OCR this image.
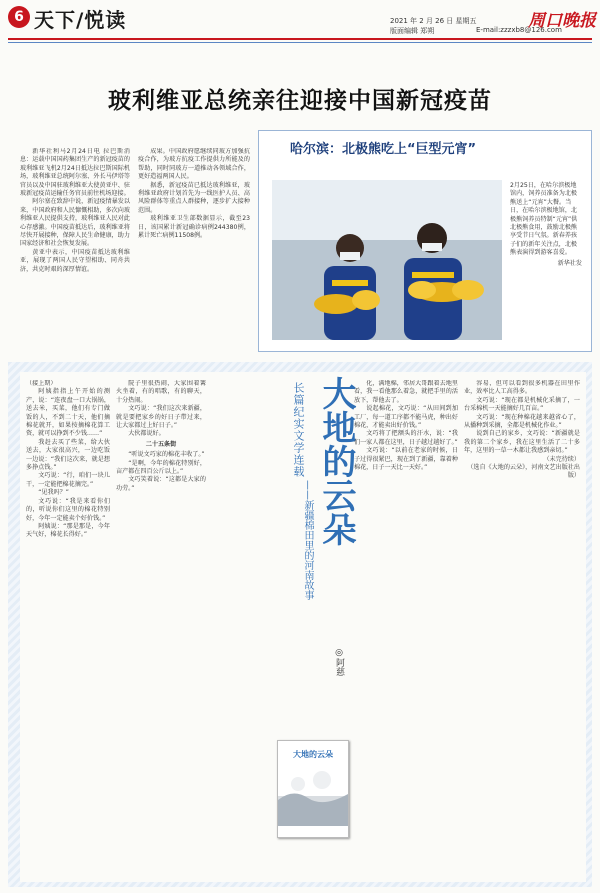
6 天下/悦读	2021 年 2 月 26 日 星期五
版面编辑 郑朔	E-mail:zzzxb8@126.com
周口晚报
玻利维亚总统亲往迎接中国新冠疫苗

新华社利马2月24日电 拉巴斯消息：运载中国国药集团生产的新冠疫苗的玻利维亚飞机2月24日抵达拉巴斯国际机场，玻利维亚总统阿尔塞、外长马伊塔等官员以及中国驻玻利维亚大使黄亚中、驻玻新冠疫苗运输任务官员前往机场迎接。

阿尔塞在致辞中说，新冠疫情暴发以来，中国政府和人民慷慨相助，多次向玻利维亚人民提供支持，玻利维亚人民对此心存感激。中国疫苗抵达后，玻利维亚将尽快开展接种，保障人民生命健康，助力国家经济和社会恢复发展。

黄亚中表示，中国疫苗抵达玻利维亚，展现了两国人民守望相助、同舟共济，共克时艰的深厚情谊。

成果。中国政府愿继续同玻方加强抗疫合作，为玻方抗疫工作提供力所能及的帮助，同时同玻方一道推动各领域合作，更好造福两国人民。

据悉，新冠疫苗已抵达玻利维亚，玻利维亚政府计划首先为一线医护人员、高风险群体等重点人群接种，逐步扩大接种范围。

玻利维亚卫生部数据显示，截至23日，该国累计新冠确诊病例244380例，累计死亡病例11508例。

哈尔滨：北极熊吃上“巨型元宵”
2月25日，在哈尔滨极地馆内，饲养员准备为北极熊送上“元宵”大餐。当日，在哈尔滨极地馆，北极熊饲养员特制“元宵”供北极熊食用，鼓励北极熊享受节日气氛。新春养孩子们的新年关注点，北极熊表演得到游客喜爱。
新华社发

（接上期）

阿姨指指上午开始的测产，说：“连夜盘一口大锅锅，送去米，买菜，他们有专门做饭的人，不到二十天，他们摘棉花就开，如果按摘棉花算工资，就可以挣到不少钱……”

我赶去买了些菜，给大伙送去，大家很高兴，一边吃饭一边说：“我们这次来，就是想多挣点钱。”

文巧说：“行，咱们一块儿干，一定能把棉花摘完。”

“见我吗？”

文巧说：“我是来看你们的，听说你们这里的棉花特别好，今年一定能卖个好价钱。”

阿姨说：“那是那是，今年天气好，棉花长得好。”

院子里很热闹，大家围着篝火坐着，有的唱歌，有的聊天，十分热闹。

文巧说：“我们这次来新疆，就是要把家乡的好日子带过来，让大家都过上好日子。”

大伙都说好。

二十五条街

“听说文巧家的棉花丰收了。”

“是啊，今年的棉花特别好，亩产都在四百公斤以上。”

文巧笑着说：“这都是大家的功劳。”

长篇纪实文学连载 大地的云朵
——新疆棉田里的河南故事
◎阿慈
大地的云朵

化，满地棉，邻居大哥跟着去地里看，我一看他那么着急，就把手里的活放下，帮他去了。

说起棉花，文巧说：“从田间到加工厂，每一道工序都不能马虎，种出好棉花，才能卖出好价钱。”

文巧将了把额头的汗水，说：“我们一家人都在这里，日子越过越好了。”

文巧说：“以前在老家的时候，日子过得很紧巴，现在到了新疆，靠着种棉花，日子一天比一天好。”

容易，但可以看到很多机器在田里作业，效率比人工高得多。

文巧说：“现在都是机械化采摘了，一台采棉机一天能摘好几百亩。”

文巧说：“现在种棉花越来越省心了，从播种到采摘，全都是机械化作业。”

说到自己的家乡，文巧说：“新疆就是我的第二个家乡，我在这里生活了二十多年，这里的一草一木都让我感到亲切。”

（未完待续）

（选自《大地的云朵》，河南文艺出版社出版）
